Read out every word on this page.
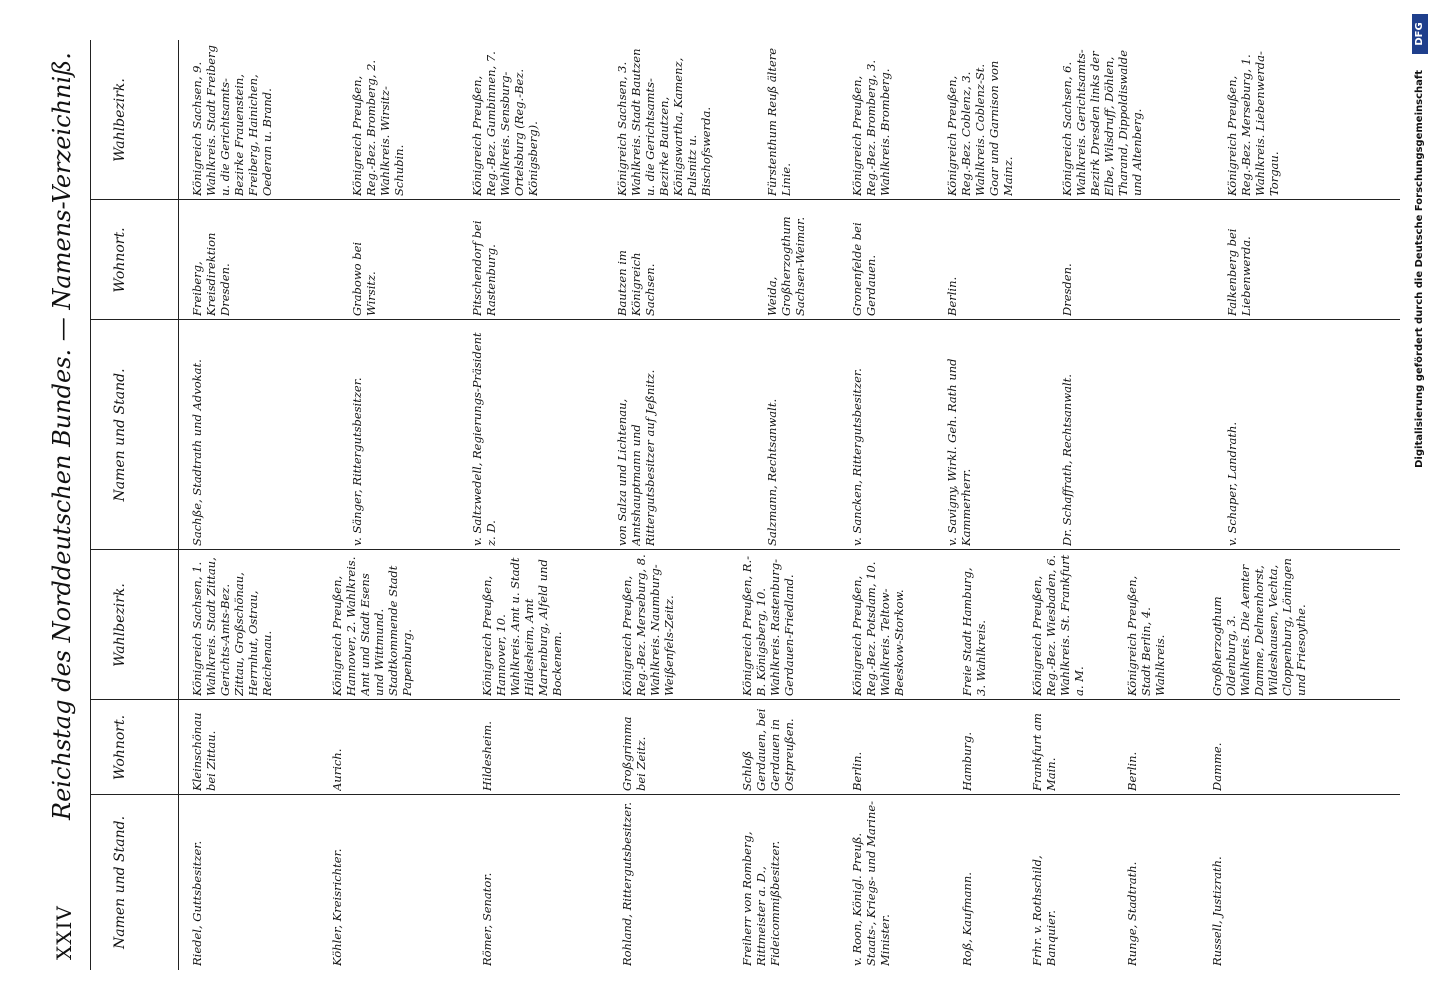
XXIV
Reichstag des Norddeutschen Bundes. — Namens-Verzeichniß.
Namen und Stand.
Wohnort.
Wahlbezirk.
Namen und Stand.
Wohnort.
Wahlbezirk.
Riedel, Guttsbesitzer.
Kleinschönau bei Zittau.
Königreich Sachsen, 1. Wahlkreis. Stadt Zittau, Gerichts-Amts-Bez. Zittau, Großschönau, Herrnhut, Ostrau, Reichenau.
Köhler, Kreisrichter.
Aurich.
Königreich Preußen, Hannover, 2. Wahlkreis. Amt und Stadt Esens und Wittmund. Stadtkommende Stadt Papenburg.
Römer, Senator.
Hildesheim.
Königreich Preußen, Hannover, 10. Wahlkreis. Amt u. Stadt Hildesheim, Amt Marienburg, Alfeld und Bockenem.
Rohland, Rittergutsbesitzer.
Großgrimma bei Zeitz.
Königreich Preußen, Reg.-Bez. Merseburg, 8. Wahlkreis. Naumburg-Weißenfels-Zeitz.
Freiherr von Romberg, Rittmeister a. D., Fideicommißbesitzer.
Schloß Gerdauen, bei Gerdauen in Ostpreußen.
Königreich Preußen, R.-B. Königsberg, 10. Wahlkreis. Rastenburg-Gerdauen-Friedland.
v. Roon, Königl. Preuß. Staats-, Kriegs- und Marine-Minister.
Berlin.
Königreich Preußen, Reg.-Bez. Potsdam, 10. Wahlkreis. Teltow-Beeskow-Storkow.
Roß, Kaufmann.
Hamburg.
Freie Stadt Hamburg, 3. Wahlkreis.
Frhr. v. Rothschild, Banquier.
Frankfurt am Main.
Königreich Preußen, Reg.-Bez. Wiesbaden, 6. Wahlkreis. St. Frankfurt a. M.
Runge, Stadtrath.
Berlin.
Königreich Preußen, Stadt Berlin, 4. Wahlkreis.
Russell, Justizrath.
Damme.
Großherzogthum Oldenburg, 3. Wahlkreis. Die Aemter Damme, Delmenhorst, Wildeshausen, Vechta, Cloppenburg, Löningen und Friesoythe.
Sachße, Stadtrath und Advokat.
Freiberg, Kreisdirektion Dresden.
Königreich Sachsen, 9. Wahlkreis. Stadt Freiberg u. die Gerichtsamts-Bezirke Frauenstein, Freiberg, Hainichen, Oederan u. Brand.
v. Sänger, Rittergutsbesitzer.
Grabowo bei Wirsitz.
Königreich Preußen, Reg.-Bez. Bromberg, 2. Wahlkreis. Wirsitz-Schubin.
v. Saltzwedell, Regierungs-Präsident z. D.
Pitschendorf bei Rastenburg.
Königreich Preußen, Reg.-Bez. Gumbinnen, 7. Wahlkreis. Sensburg-Ortelsburg (Reg.-Bez. Königsberg).
von Salza und Lichtenau, Amtshauptmann und Rittergutsbesitzer auf Jeßnitz.
Bautzen im Königreich Sachsen.
Königreich Sachsen, 3. Wahlkreis. Stadt Bautzen u. die Gerichtsamts-Bezirke Bautzen, Königswartha, Kamenz, Pulsnitz u. Bischofswerda.
Salzmann, Rechtsanwalt.
Weida, Großherzogthum Sachsen-Weimar.
Fürstenthum Reuß ältere Linie.
v. Sancken, Rittergutsbesitzer.
Gronenfelde bei Gerdauen.
Königreich Preußen, Reg.-Bez. Bromberg, 3. Wahlkreis. Bromberg.
v. Savigny, Wirkl. Geh. Rath und Kammerherr.
Berlin.
Königreich Preußen, Reg.-Bez. Coblenz, 3. Wahlkreis. Coblenz-St. Goar und Garnison von Mainz.
Dr. Schaffrath, Rechtsanwalt.
Dresden.
Königreich Sachsen, 6. Wahlkreis. Gerichtsamts-Bezirk Dresden links der Elbe, Wilsdruff, Döhlen, Tharand, Dippoldiswalde und Altenberg.
v. Schaper, Landrath.
Falkenberg bei Liebenwerda.
Königreich Preußen, Reg.-Bez. Merseburg, 1. Wahlkreis. Liebenwerda-Torgau.	Digitalisierung gefördert durch die Deutsche Forschungsgemeinschaft
DFG
